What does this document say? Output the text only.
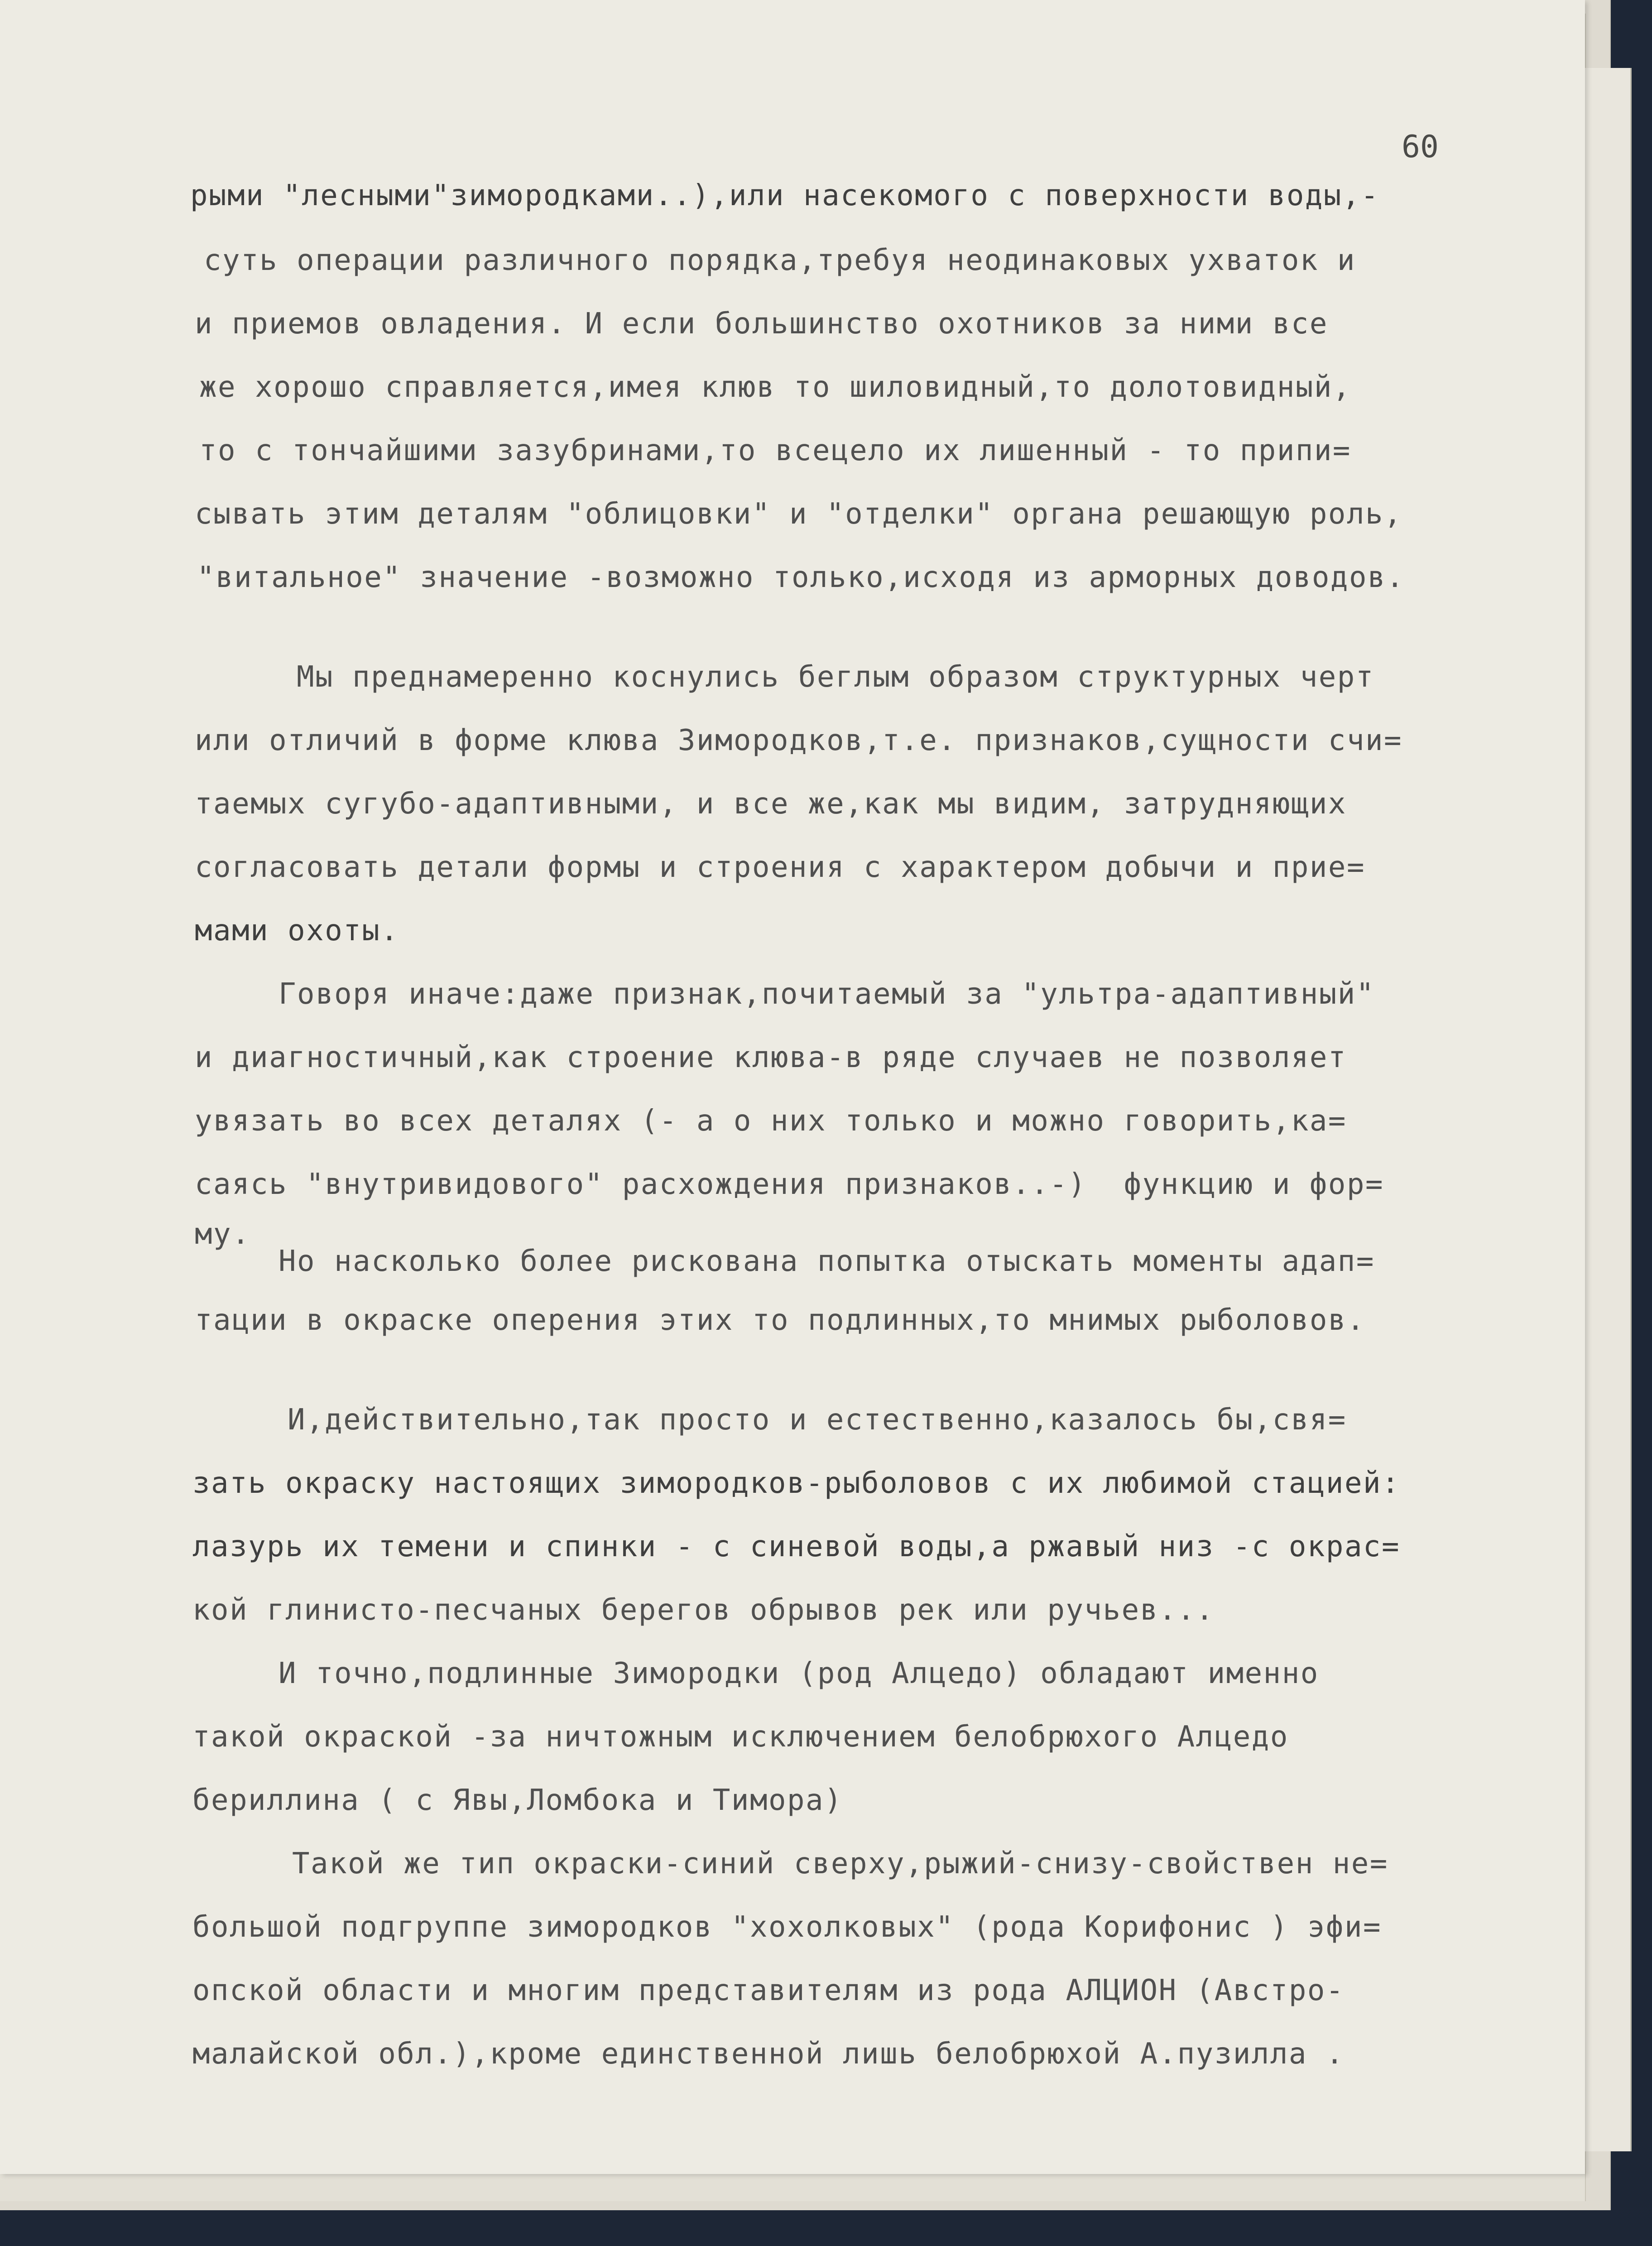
60
рыми "лесными"зимородками..),или насекомого с поверхности воды,-
суть операции различного порядка,требуя неодинаковых ухваток и
и приемов овладения. И если большинство охотников за ними все
же хорошо справляется,имея клюв то шиловидный,то долотовидный,
то с тончайшими зазубринами,то всецело их лишенный - то припи=
сывать этим деталям "облицовки" и "отделки" органа решающую роль,
"витальное" значение -возможно только,исходя из арморных доводов.
Мы преднамеренно коснулись беглым образом структурных черт
или отличий в форме клюва Зимородков,т.е. признаков,сущности счи=
таемых сугубо-адаптивными, и все же,как мы видим, затрудняющих
согласовать детали формы и строения с характером добычи и прие=
мами охоты.
Говоря иначе:даже признак,почитаемый за "ультра-адаптивный"
и диагностичный,как строение клюва-в ряде случаев не позволяет
увязать во всех деталях (- а о них только и можно говорить,ка=
саясь "внутривидового" расхождения признаков..-)  функцию и фор=
му.
Но насколько более рискована попытка отыскать моменты адап=
тации в окраске оперения этих то подлинных,то мнимых рыболовов.
И,действительно,так просто и естественно,казалось бы,свя=
зать окраску настоящих зимородков-рыболовов с их любимой стацией:
лазурь их темени и спинки - с синевой воды,а ржавый низ -с окрас=
кой глинисто-песчаных берегов обрывов рек или ручьев...
И точно,подлинные Зимородки (род Алцедо) обладают именно
такой окраской -за ничтожным исключением белобрюхого Алцедо
бериллина ( с Явы,Ломбока и Тимора)
Такой же тип окраски-синий сверху,рыжий-снизу-свойствен не=
большой подгруппе зимородков "хохолковых" (рода Корифонис ) эфи=
опской области и многим представителям из рода АЛЦИОН (Австро-
малайской обл.),кроме единственной лишь белобрюхой А.пузилла .
